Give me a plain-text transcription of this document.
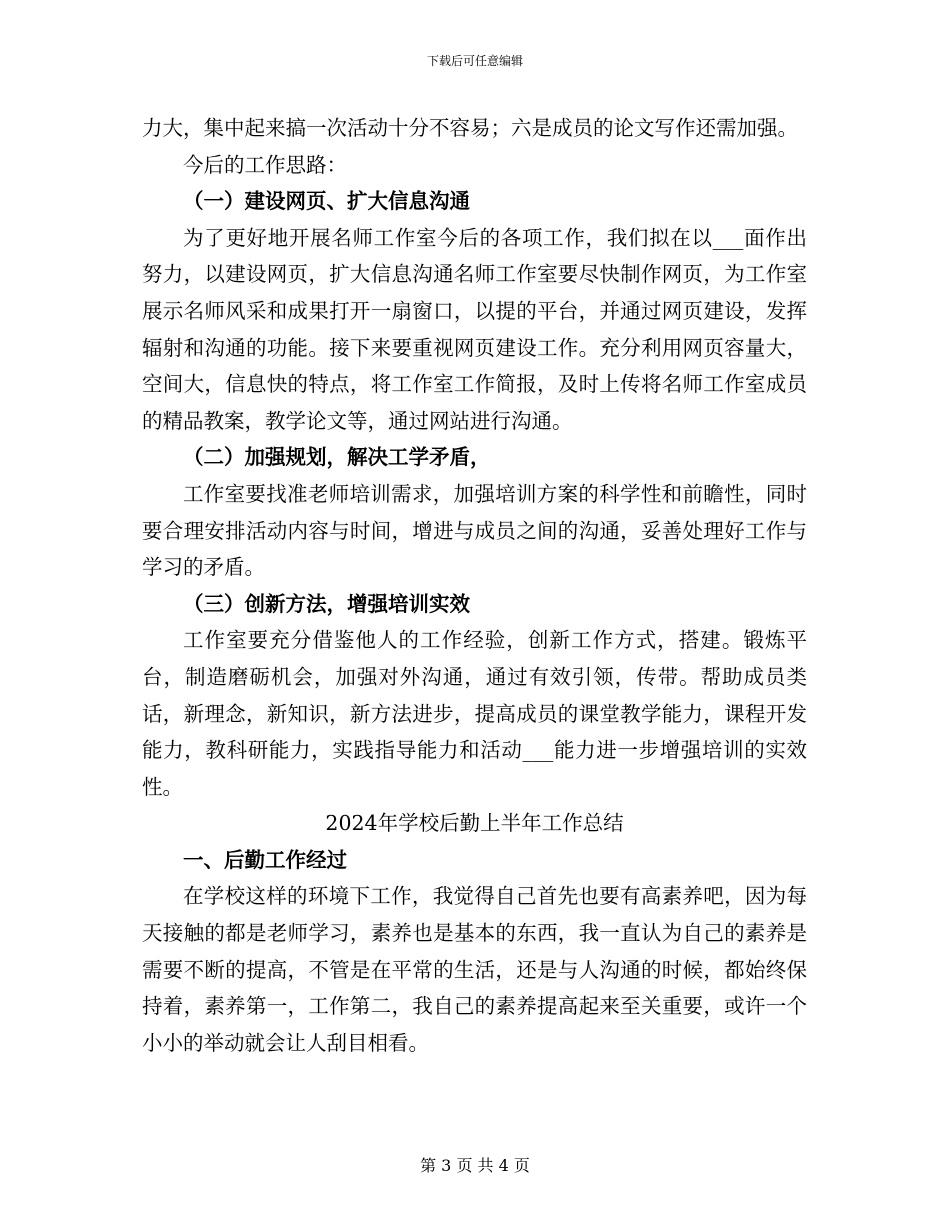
下载后可任意编辑

力大，集中起来搞一次活动十分不容易；六是成员的论文写作还需加强。

今后的工作思路：

（一）建设网页、扩大信息沟通

为了更好地开展名师工作室今后的各项工作，我们拟在以___面作出努力，以建设网页，扩大信息沟通名师工作室要尽快制作网页，为工作室展示名师风采和成果打开一扇窗口，以提的平台，并通过网页建设，发挥辐射和沟通的功能。接下来要重视网页建设工作。充分利用网页容量大，空间大，信息快的特点，将工作室工作简报，及时上传将名师工作室成员的精品教案，教学论文等，通过网站进行沟通。

（二）加强规划，解决工学矛盾，

工作室要找准老师培训需求，加强培训方案的科学性和前瞻性，同时要合理安排活动内容与时间，增进与成员之间的沟通，妥善处理好工作与学习的矛盾。

（三）创新方法，增强培训实效

工作室要充分借鉴他人的工作经验，创新工作方式，搭建。锻炼平台，制造磨砺机会，加强对外沟通，通过有效引领，传带。帮助成员类话，新理念，新知识，新方法进步，提高成员的课堂教学能力，课程开发能力，教科研能力，实践指导能力和活动___能力进一步增强培训的实效性。

2024年学校后勤上半年工作总结

一、后勤工作经过

在学校这样的环境下工作，我觉得自己首先也要有高素养吧，因为每天接触的都是老师学习，素养也是基本的东西，我一直认为自己的素养是需要不断的提高，不管是在平常的生活，还是与人沟通的时候，都始终保持着，素养第一，工作第二，我自己的素养提高起来至关重要，或许一个小小的举动就会让人刮目相看。

第 3 页 共 4 页
